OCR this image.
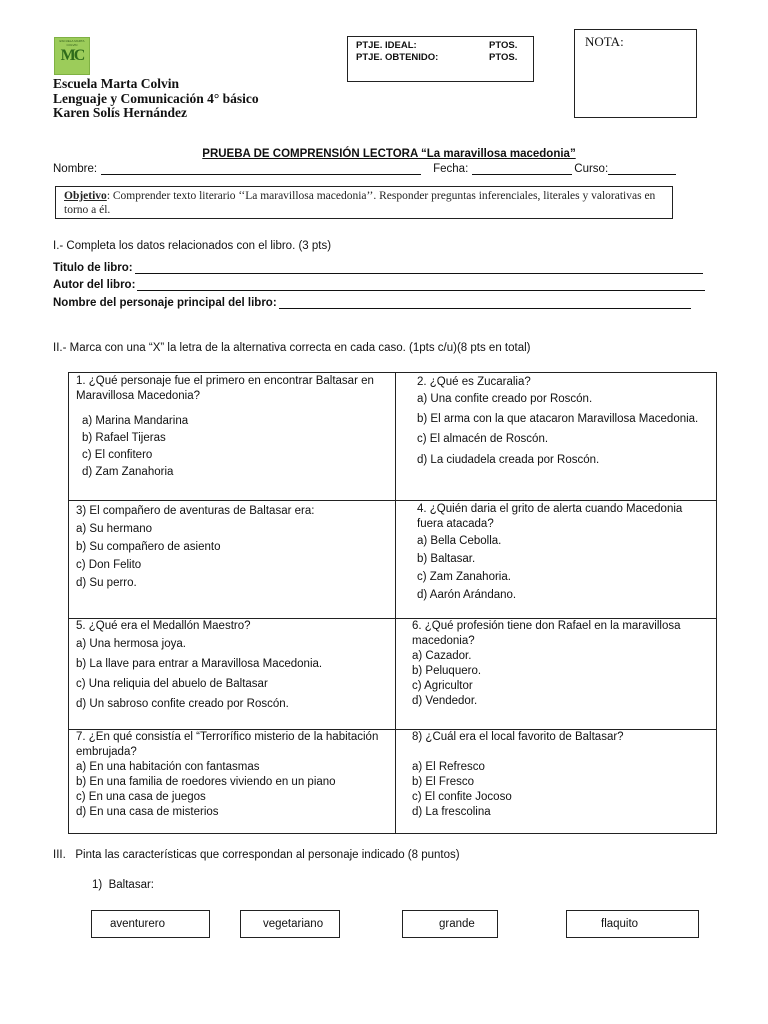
ESCUELA MARTA COLVIN
MC
Escuela Marta Colvin
Lenguaje y Comunicación 4° básico
Karen Solís Hernández
PTJE. IDEAL:	PTOS.
PTJE. OBTENIDO:	PTOS.
NOTA:
PRUEBA DE COMPRENSIÓN LECTORA “La maravillosa macedonia”
Nombre:	Fecha:	Curso:
Objetivo: Comprender texto literario ‘‘La maravillosa macedonia’’. Responder preguntas inferenciales, literales y valorativas en torno a él.
I.- Completa los datos relacionados con el libro. (3 pts)
Titulo de libro:
Autor del libro:
Nombre del personaje principal del libro:
II.- Marca con una “X” la letra de la alternativa correcta en cada caso. (1pts c/u)(8 pts en total)
1. ¿Qué personaje fue el primero en encontrar Baltasar en Maravillosa Macedonia?
a) Marina Mandarina
b) Rafael Tijeras
c) El confitero
d) Zam Zanahoria
2. ¿Qué es Zucaralia?
a) Una confite creado por Roscón.
b) El arma con la que atacaron Maravillosa Macedonia.
c) El almacén de Roscón.
d) La ciudadela creada por Roscón.
3) El compañero de aventuras de Baltasar era:
a) Su hermano
b) Su compañero de asiento
c) Don Felito
d) Su perro.
4. ¿Quién daria el grito de alerta cuando Macedonia fuera atacada?
a) Bella Cebolla.
b) Baltasar.
c) Zam Zanahoria.
d) Aarón Arándano.
5. ¿Qué era el Medallón Maestro?
a) Una hermosa joya.
b) La llave para entrar a Maravillosa Macedonia.
c) Una reliquia del abuelo de Baltasar
d) Un sabroso confite creado por Roscón.
6. ¿Qué profesión tiene don Rafael en la maravillosa macedonia?
a) Cazador.
b) Peluquero.
c) Agricultor
d) Vendedor.
7. ¿En qué consistía el “Terrorífico misterio de la habitación embrujada?
a) En una habitación con fantasmas
b) En una familia de roedores viviendo en un piano
c) En una casa de juegos
d) En una casa de misterios
8) ¿Cuál era el local favorito de Baltasar?
a) El Refresco
b) El Fresco
c) El confite Jocoso
d) La frescolina
III.   Pinta las características que correspondan al personaje indicado (8 puntos)
1)  Baltasar:
aventurero	vegetariano	grande	flaquito
